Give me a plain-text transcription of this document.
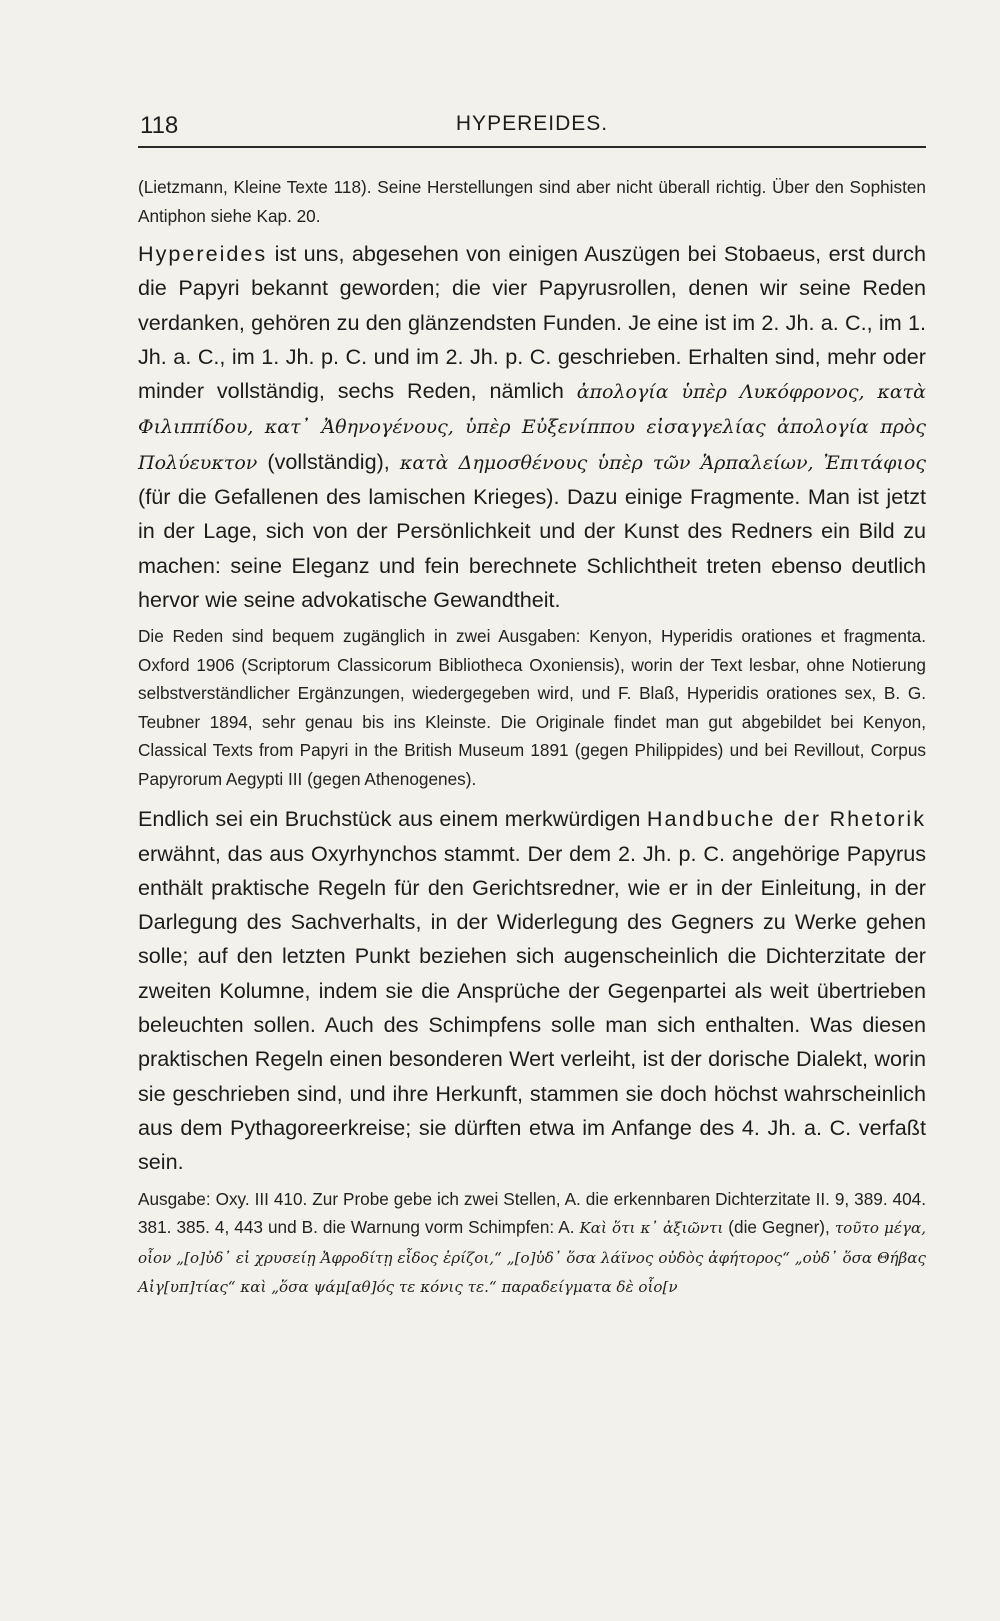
118	HYPEREIDES.

(Lietzmann, Kleine Texte 118). Seine Herstellungen sind aber nicht überall richtig. Über den Sophisten Antiphon siehe Kap. 20.

Hypereides ist uns, abgesehen von einigen Auszügen bei Stobaeus, erst durch die Papyri bekannt geworden; die vier Papyrusrollen, denen wir seine Reden verdanken, gehören zu den glänzendsten Funden. Je eine ist im 2. Jh. a. C., im 1. Jh. a. C., im 1. Jh. p. C. und im 2. Jh. p. C. geschrieben. Erhalten sind, mehr oder minder vollständig, sechs Reden, nämlich ἀπολογία ὑπὲρ Λυκόφρονος, κατὰ Φιλιππίδου, κατ᾽ Ἀθηνογένους, ὑπὲρ Εὐξενίππου εἰσαγγελίας ἀπολογία πρὸς Πολύευκτον (vollständig), κατὰ Δημοσθένους ὑπὲρ τῶν Ἁρπαλείων, Ἐπιτάφιος (für die Gefallenen des lamischen Krieges). Dazu einige Fragmente. Man ist jetzt in der Lage, sich von der Persönlichkeit und der Kunst des Redners ein Bild zu machen: seine Eleganz und fein berechnete Schlichtheit treten ebenso deutlich hervor wie seine advokatische Gewandtheit.

Die Reden sind bequem zugänglich in zwei Ausgaben: Kenyon, Hyperidis orationes et fragmenta. Oxford 1906 (Scriptorum Classicorum Bibliotheca Oxoniensis), worin der Text lesbar, ohne Notierung selbstverständlicher Ergänzungen, wiedergegeben wird, und F. Blaß, Hyperidis orationes sex, B. G. Teubner 1894, sehr genau bis ins Kleinste. Die Originale findet man gut abgebildet bei Kenyon, Classical Texts from Papyri in the British Museum 1891 (gegen Philippides) und bei Revillout, Corpus Papyrorum Aegypti III (gegen Athenogenes).

Endlich sei ein Bruchstück aus einem merkwürdigen Handbuche der Rhetorik erwähnt, das aus Oxyrhynchos stammt. Der dem 2. Jh. p. C. angehörige Papyrus enthält praktische Regeln für den Gerichtsredner, wie er in der Einleitung, in der Darlegung des Sachverhalts, in der Widerlegung des Gegners zu Werke gehen solle; auf den letzten Punkt beziehen sich augenscheinlich die Dichterzitate der zweiten Kolumne, indem sie die Ansprüche der Gegenpartei als weit übertrieben beleuchten sollen. Auch des Schimpfens solle man sich enthalten. Was diesen praktischen Regeln einen besonderen Wert verleiht, ist der dorische Dialekt, worin sie geschrieben sind, und ihre Herkunft, stammen sie doch höchst wahrscheinlich aus dem Pythagoreerkreise; sie dürften etwa im Anfange des 4. Jh. a. C. verfaßt sein.

Ausgabe: Oxy. III 410. Zur Probe gebe ich zwei Stellen, A. die erkennbaren Dichterzitate II. 9, 389. 404. 381. 385. 4, 443 und B. die Warnung vorm Schimpfen: A. Καὶ ὅτι κ᾽ ἀξιῶντι (die Gegner), τοῦτο μέγα, οἷον „[ο]ὐδ᾽ εἰ χρυσείῃ Ἀφροδίτῃ εἶδος ἐρίζοι,“ „[ο]ὐδ᾽ ὅσα λάϊνος οὐδὸς ἀφήτορος“ „οὐδ᾽ ὅσα Θήβας Αἰγ[υπ]τίας“ καὶ „ὅσα ψάμ[αθ]ός τε κόνις τε.“ παραδείγματα δὲ οἷο[ν
